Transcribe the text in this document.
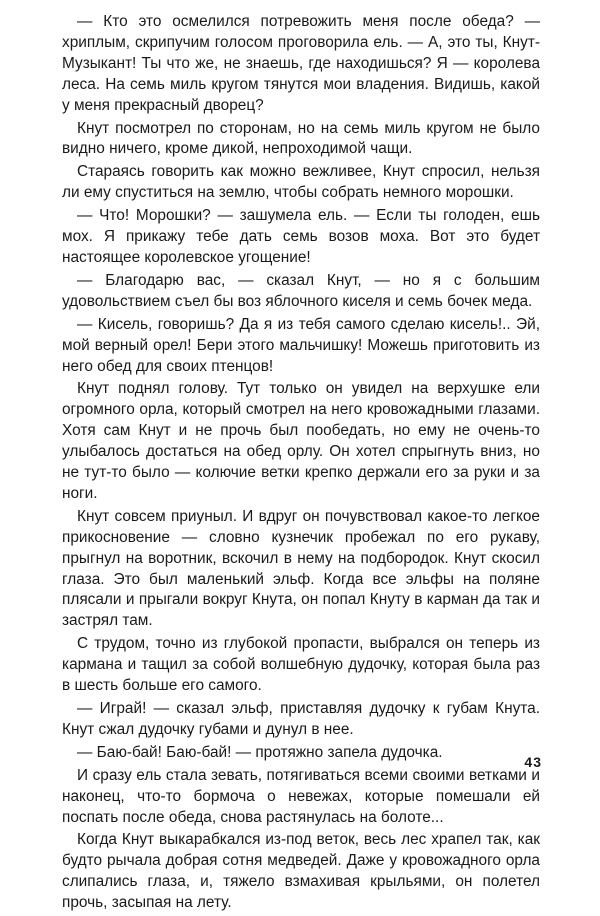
— Кто это осмелился потревожить меня после обеда? — хриплым, скрипучим голосом проговорила ель. — А, это ты, Кнут-Музыкант! Ты что же, не знаешь, где находишься? Я — королева леса. На семь миль кругом тянутся мои владения. Видишь, какой у меня прекрасный дворец?

Кнут посмотрел по сторонам, но на семь миль кругом не было видно ничего, кроме дикой, непроходимой чащи.

Стараясь говорить как можно вежливее, Кнут спросил, нельзя ли ему спуститься на землю, чтобы собрать немного морошки.

— Что! Морошки? — зашумела ель. — Если ты голоден, ешь мох. Я прикажу тебе дать семь возов моха. Вот это будет настоящее королевское угощение!

— Благодарю вас, — сказал Кнут, — но я с большим удовольствием съел бы воз яблочного киселя и семь бочек меда.

— Кисель, говоришь? Да я из тебя самого сделаю кисель!.. Эй, мой верный орел! Бери этого мальчишку! Можешь приготовить из него обед для своих птенцов!

Кнут поднял голову. Тут только он увидел на верхушке ели огромного орла, который смотрел на него кровожадными глазами. Хотя сам Кнут и не прочь был пообедать, но ему не очень-то улыбалось достаться на обед орлу. Он хотел спрыгнуть вниз, но не тут-то было — колючие ветки крепко держали его за руки и за ноги.

Кнут совсем приуныл. И вдруг он почувствовал какое-то легкое прикосновение — словно кузнечик пробежал по его рукаву, прыгнул на воротник, вскочил в нему на подбородок. Кнут скосил глаза. Это был маленький эльф. Когда все эльфы на поляне плясали и прыгали вокруг Кнута, он попал Кнуту в карман да так и застрял там.

С трудом, точно из глубокой пропасти, выбрался он теперь из кармана и тащил за собой волшебную дудочку, которая была раз в шесть больше его самого.

— Играй! — сказал эльф, приставляя дудочку к губам Кнута. Кнут сжал дудочку губами и дунул в нее.

— Баю-бай! Баю-бай! — протяжно запела дудочка.

И сразу ель стала зевать, потягиваться всеми своими ветками и наконец, что-то бормоча о невежах, которые помешали ей поспать после обеда, снова растянулась на болоте...

Когда Кнут выкарабкался из-под веток, весь лес храпел так, как будто рычала добрая сотня медведей. Даже у кровожадного орла слипались глаза, и, тяжело взмахивая крыльями, он полетел прочь, засыпая на лету.

43
